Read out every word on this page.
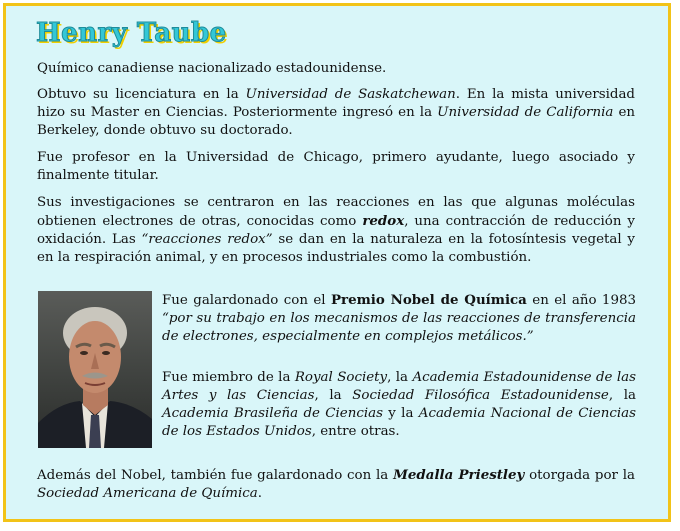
Henry Taube

Químico canadiense nacionalizado estadounidense.

Obtuvo su licenciatura en la Universidad de Saskatchewan. En la mista universidad hizo su Master en Ciencias. Posteriormente ingresó en la Universidad de California en Berkeley, donde obtuvo su doctorado.

Fue profesor en la Universidad de Chicago, primero ayudante, luego asociado y finalmente titular.

Sus investigaciones se centraron en las reacciones en las que algunas moléculas obtienen electrones de otras, conocidas como redox, una contracción de reducción y oxidación. Las “reacciones redox” se dan en la naturaleza en la fotosíntesis vegetal y en la respiración animal, y en procesos industriales como la combustión.

Fue galardonado con el Premio Nobel de Química en el año 1983 “por su trabajo en los mecanismos de las reacciones de transferencia de electrones, especialmente en complejos metálicos.”

Fue miembro de la Royal Society, la Academia Estadounidense de las Artes y las Ciencias, la Sociedad Filosófica Estadounidense, la Academia Brasileña de Ciencias y la Academia Nacional de Ciencias de los Estados Unidos, entre otras.

Además del Nobel, también fue galardonado con la Medalla Priestley otorgada por la Sociedad Americana de Química.
